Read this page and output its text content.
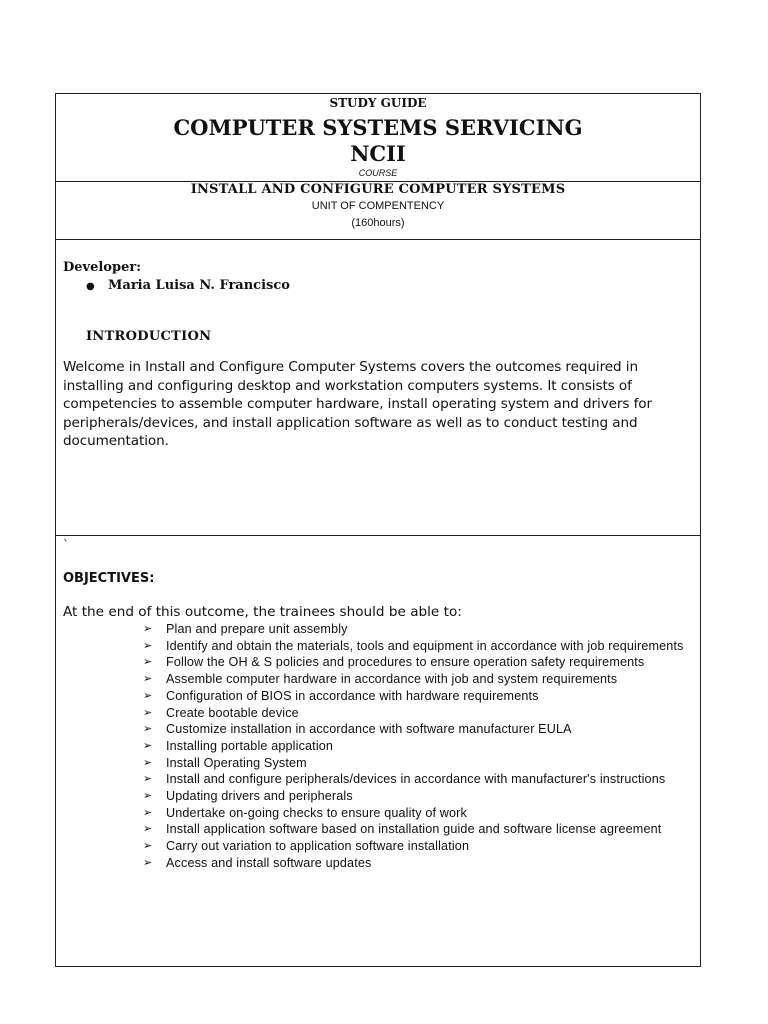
STUDY GUIDE
COMPUTER SYSTEMS SERVICING
NCII
COURSE
INSTALL AND CONFIGURE COMPUTER SYSTEMS
UNIT OF COMPENTENCY
(160hours)
Developer:
● Maria Luisa N. Francisco
INTRODUCTION
Welcome in Install and Configure Computer Systems covers the outcomes required in installing and configuring desktop and workstation computers systems. It consists of competencies to assemble computer hardware, install operating system and drivers for peripherals/devices, and install application software as well as to conduct testing and documentation.
`
OBJECTIVES:
At the end of this outcome, the trainees should be able to:
➢ Plan and prepare unit assembly
➢ Identify and obtain the materials, tools and equipment in accordance with job requirements
➢ Follow the OH & S policies and procedures to ensure operation safety requirements
➢ Assemble computer hardware in accordance with job and system requirements
➢ Configuration of BIOS in accordance with hardware requirements
➢ Create bootable device
➢ Customize installation in accordance with software manufacturer EULA
➢ Installing portable application
➢ Install Operating System
➢ Install and configure peripherals/devices in accordance with manufacturer's instructions
➢ Updating drivers and peripherals
➢ Undertake on-going checks to ensure quality of work
➢ Install application software based on installation guide and software license agreement
➢ Carry out variation to application software installation
➢ Access and install software updates
